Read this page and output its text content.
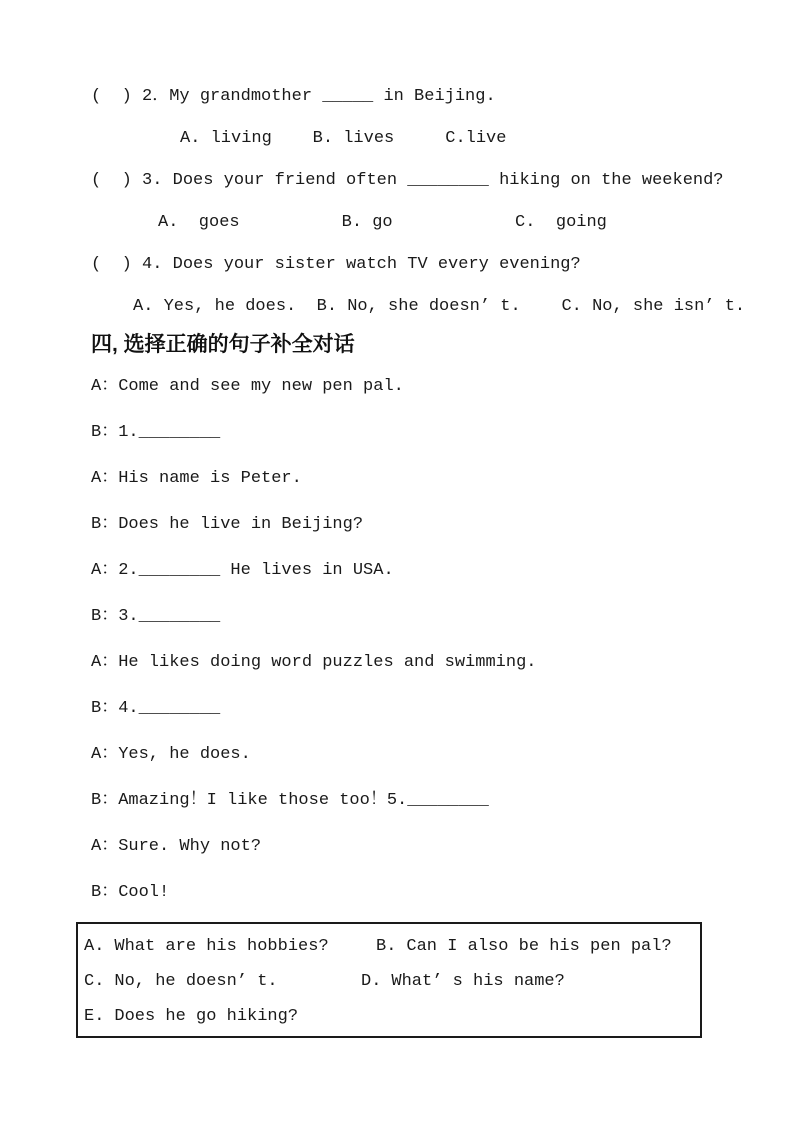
(  ) 2．My grandmother _____ in Beijing.
A. living    B. lives     C.live
(  ) 3. Does your friend often ________ hiking on the weekend?
A.  goes          B. go            C.  going
(  ) 4. Does your sister watch TV every evening?
A. Yes, he does.  B. No, she doesn’ t.    C. No, she isn’ t.
四, 选择正确的句子补全对话
A：Come and see my new pen pal.
B：1.________
A：His name is Peter.
B：Does he live in Beijing?
A：2.________ He lives in USA.
B：3.________
A：He likes doing word puzzles and swimming.
B：4.________
A：Yes, he does.
B：Amazing！I like those too！5.________
A：Sure. Why not?
B：Cool!
A. What are his hobbies?	B. Can I also be his pen pal?
C. No, he doesn’ t.	D. What’ s his name?
E. Does he go hiking?
